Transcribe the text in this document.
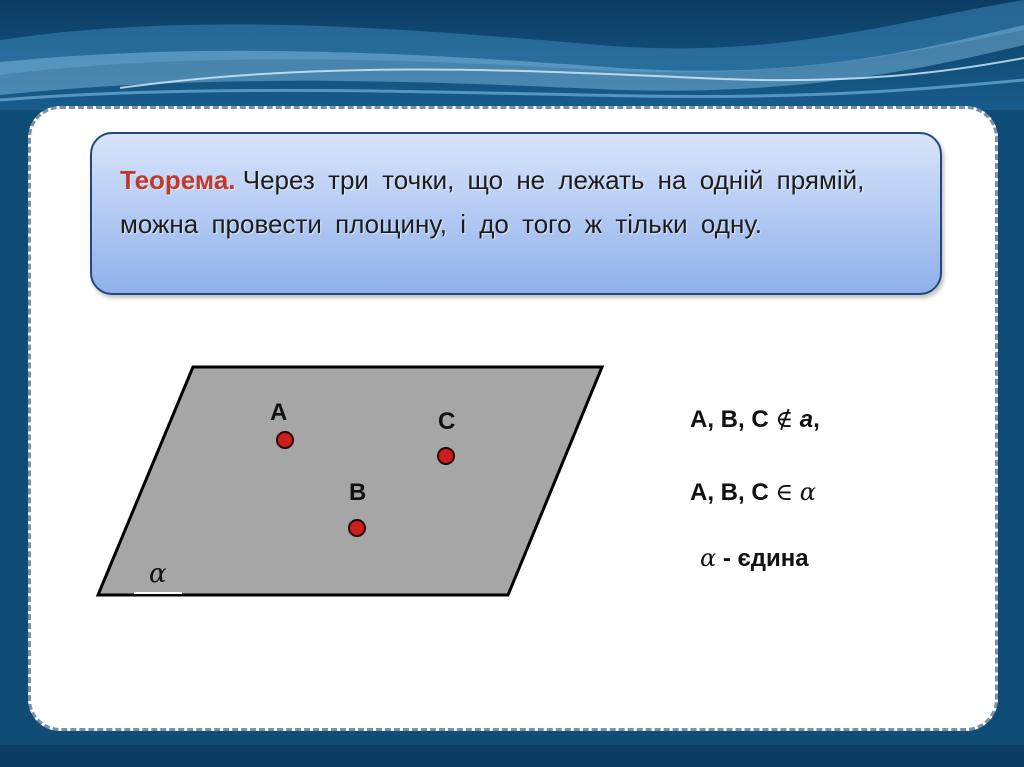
Теорема. Через три точки, що не лежать на одній прямій, можна провести площину, і до того ж тільки одну.
α
A	C
B
A, B, C ∉ a,
A, B, C ∈ α
α - єдина
